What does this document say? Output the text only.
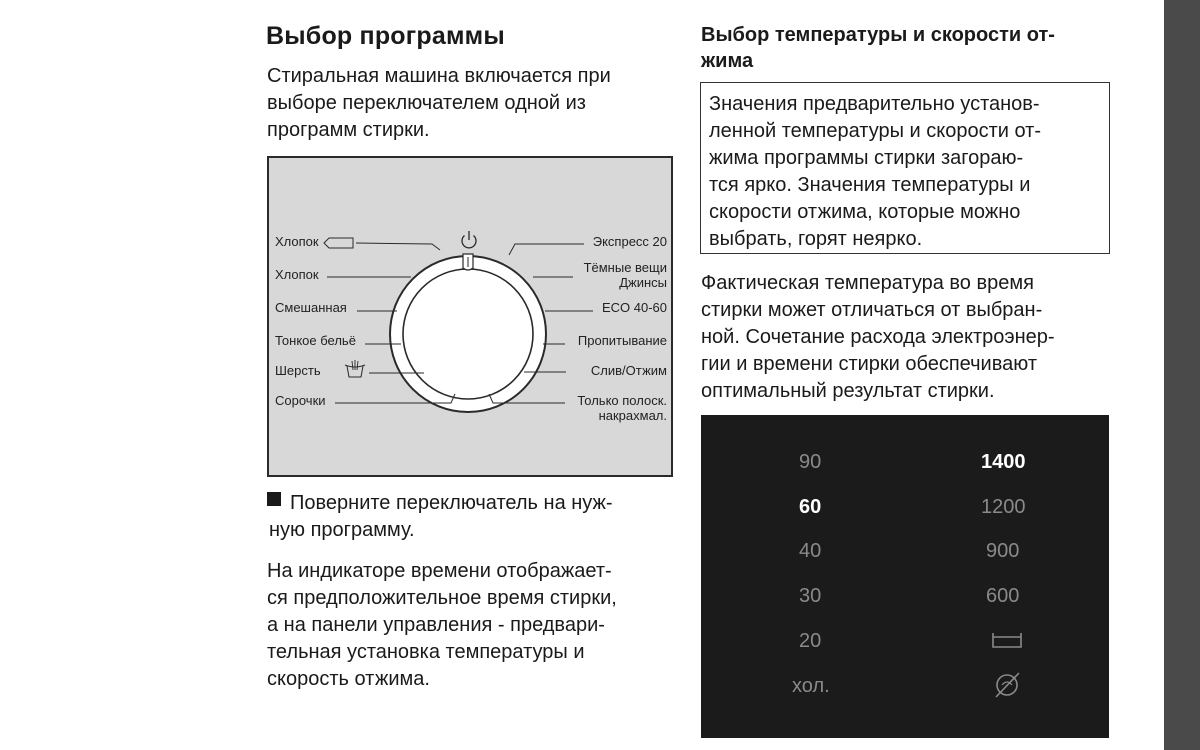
Выбор программы

Стиральная машина включается при
выборе переключателем одной из
программ стирки.

Хлопок
Хлопок
Смешанная
Тонкое бельё
Шерсть
Сорочки
Экспресс 20
Тёмные вещи
Джинсы
ECO 40-60
Пропитывание
Слив/Отжим
Только полоск.
накрахмал.

Поверните переключатель на нуж-
ную программу.

На индикаторе времени отображает-
ся предположительное время стирки,
а на панели управления - предвари-
тельная установка температуры и
скорость отжима.

Выбор температуры и скорости от-
жима
Значения предварительно установ-
ленной температуры и скорости от-
жима программы стирки загораю-
тся ярко. Значения температуры и
скорости отжима, которые можно
выбрать, горят неярко.

Фактическая температура во время
стирки может отличаться от выбран-
ной. Сочетание расхода электроэнер-
гии и времени стирки обеспечивают
оптимальный результат стирки.

90
60
40
30
20
хол.
1400
1200
900
600
